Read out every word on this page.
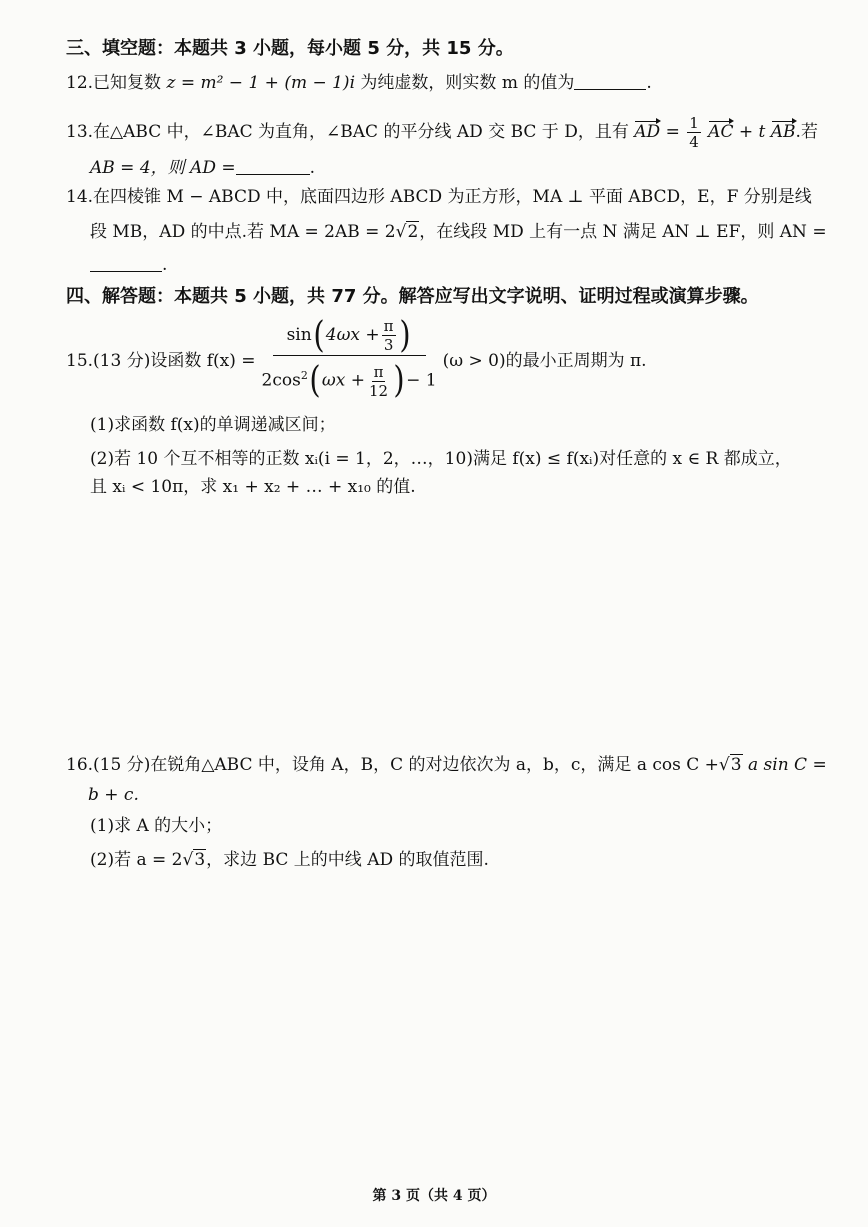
三、填空题：本题共 3 小题，每小题 5 分，共 15 分。
12.已知复数 z = m² − 1 + (m − 1)i 为纯虚数，则实数 m 的值为	.
13.在△ABC 中，∠BAC 为直角，∠BAC 的平分线 AD 交 BC 于 D，且有 AD = $\frac{1}{4}$ AC + t AB.若
AB = 4，则 AD =	.
14.在四棱锥 M − ABCD 中，底面四边形 ABCD 为正方形，MA ⊥ 平面 ABCD，E，F 分别是线
段 MB，AD 的中点.若 MA = 2AB = 2√2，在线段 MD 上有一点 N 满足 AN ⊥ EF，则 AN =
.
四、解答题：本题共 5 小题，共 77 分。解答应写出文字说明、证明过程或演算步骤。
15.(13 分)设函数 $f(x) = \frac{\sin(4\omega x + \frac{\pi}{3} )}{2\cos^2(\omega x + \frac{\pi}{12} )- 1} (\omega > 0)$的最小正周期为 π.
(1)求函数 f(x)的单调递减区间；
(2)若 10 个互不相等的正数 xᵢ(i = 1，2，…，10)满足 f(x) ≤ f(xᵢ)对任意的 x ∈ R 都成立，
且 xᵢ < 10π，求 x₁ + x₂ + … + x₁₀ 的值.
16.(15 分)在锐角△ABC 中，设角 A，B，C 的对边依次为 a，b，c，满足 a cos C +√3 a sin C =
b + c.
(1)求 A 的大小；
(2)若 a = 2√3，求边 BC 上的中线 AD 的取值范围.
第 3 页（共 4 页）
